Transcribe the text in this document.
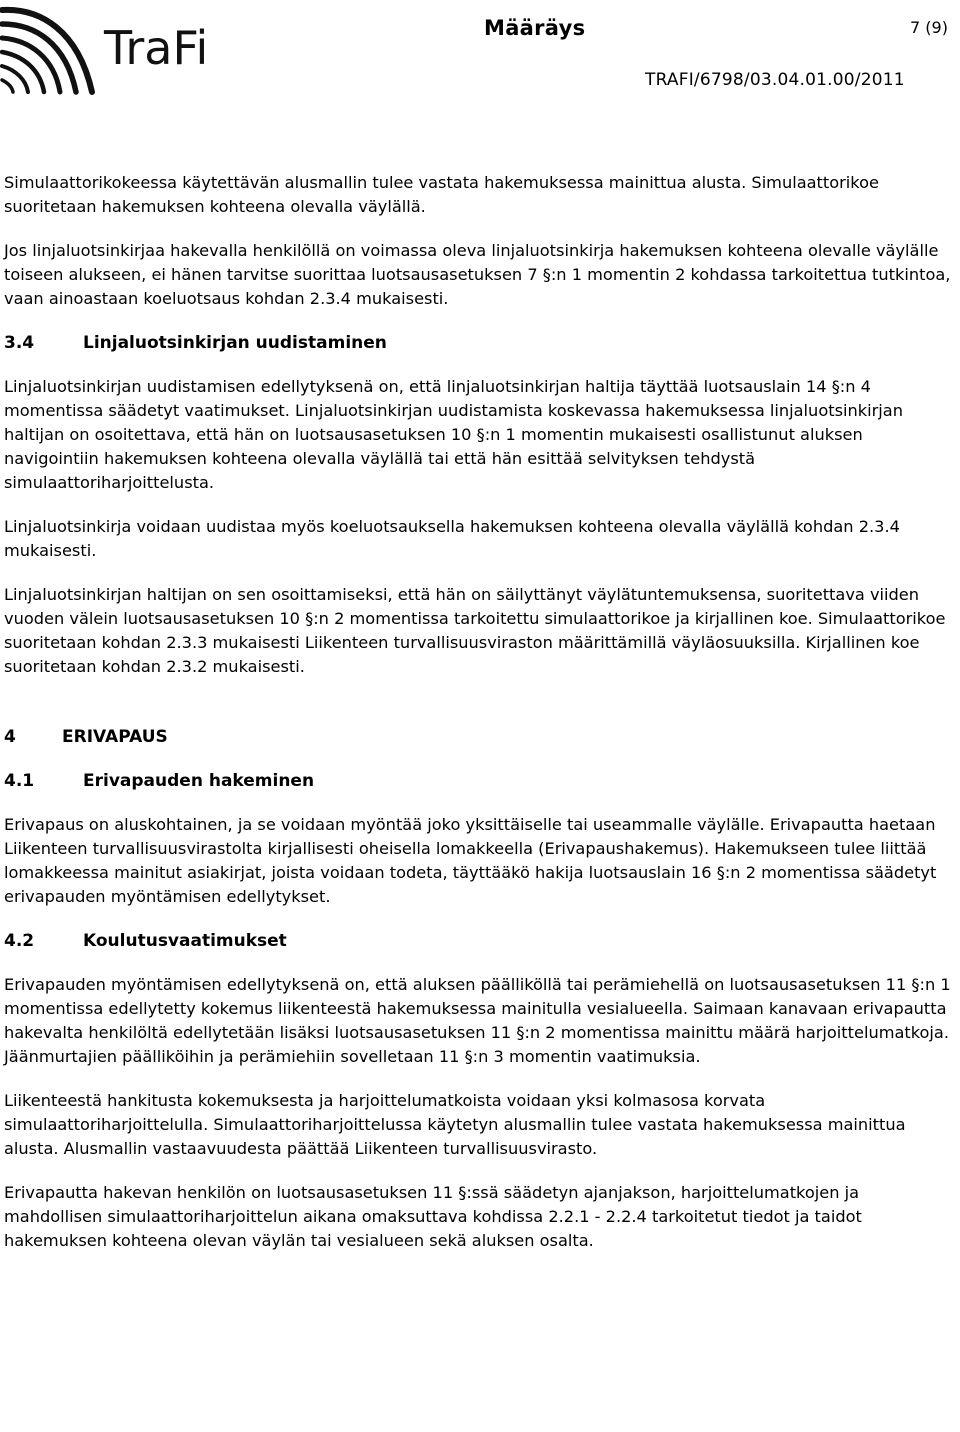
TraFi	Määräys	7 (9)
TRAFI/6798/03.04.01.00/2011

Simulaattorikokeessa käytettävän alusmallin tulee vastata hakemuksessa mainittua alusta. Simulaattorikoe suoritetaan hakemuksen kohteena olevalla väylällä.

Jos linjaluotsinkirjaa hakevalla henkilöllä on voimassa oleva linjaluotsinkirja hakemuksen kohteena olevalle väylälle toiseen alukseen, ei hänen tarvitse suorittaa luotsausasetuksen 7 §:n 1 momentin 2 kohdassa tarkoitettua tutkintoa, vaan ainoastaan koeluotsaus kohdan 2.3.4 mukaisesti.

3.4	Linjaluotsinkirjan uudistaminen

Linjaluotsinkirjan uudistamisen edellytyksenä on, että linjaluotsinkirjan haltija täyttää luotsauslain 14 §:n 4 momentissa säädetyt vaatimukset. Linjaluotsinkirjan uudistamista koskevassa hakemuksessa linjaluotsinkirjan haltijan on osoitettava, että hän on luotsausasetuksen 10 §:n 1 momentin mukaisesti osallistunut aluksen navigointiin hakemuksen kohteena olevalla väylällä tai että hän esittää selvityksen tehdystä simulaattoriharjoittelusta.

Linjaluotsinkirja voidaan uudistaa myös koeluotsauksella hakemuksen kohteena olevalla väylällä kohdan 2.3.4 mukaisesti.

Linjaluotsinkirjan haltijan on sen osoittamiseksi, että hän on säilyttänyt väylätuntemuksensa, suoritettava viiden vuoden välein luotsausasetuksen 10 §:n 2 momentissa tarkoitettu simulaattorikoe ja kirjallinen koe. Simulaattorikoe suoritetaan kohdan 2.3.3 mukaisesti Liikenteen turvallisuusviraston määrittämillä väyläosuuksilla. Kirjallinen koe suoritetaan kohdan 2.3.2 mukaisesti.

4	ERIVAPAUS
4.1	Erivapauden hakeminen

Erivapaus on aluskohtainen, ja se voidaan myöntää joko yksittäiselle tai useammalle väylälle. Erivapautta haetaan Liikenteen turvallisuusvirastolta kirjallisesti oheisella lomakkeella (Erivapaushakemus). Hakemukseen tulee liittää lomakkeessa mainitut asiakirjat, joista voidaan todeta, täyttääkö hakija luotsauslain 16 §:n 2 momentissa säädetyt erivapauden myöntämisen edellytykset.

4.2	Koulutusvaatimukset

Erivapauden myöntämisen edellytyksenä on, että aluksen päälliköllä tai perämiehellä on luotsausasetuksen 11 §:n 1 momentissa edellytetty kokemus liikenteestä hakemuksessa mainitulla vesialueella. Saimaan kanavaan erivapautta hakevalta henkilöltä edellytetään lisäksi luotsausasetuksen 11 §:n 2 momentissa mainittu määrä harjoittelumatkoja. Jäänmurtajien päälliköihin ja perämiehiin sovelletaan 11 §:n 3 momentin vaatimuksia.

Liikenteestä hankitusta kokemuksesta ja harjoittelumatkoista voidaan yksi kolmasosa korvata simulaattoriharjoittelulla. Simulaattoriharjoittelussa käytetyn alusmallin tulee vastata hakemuksessa mainittua alusta. Alusmallin vastaavuudesta päättää Liikenteen turvallisuusvirasto.

Erivapautta hakevan henkilön on luotsausasetuksen 11 §:ssä säädetyn ajanjakson, harjoittelumatkojen ja mahdollisen simulaattoriharjoittelun aikana omaksuttava kohdissa 2.2.1 - 2.2.4 tarkoitetut tiedot ja taidot hakemuksen kohteena olevan väylän tai vesialueen sekä aluksen osalta.
